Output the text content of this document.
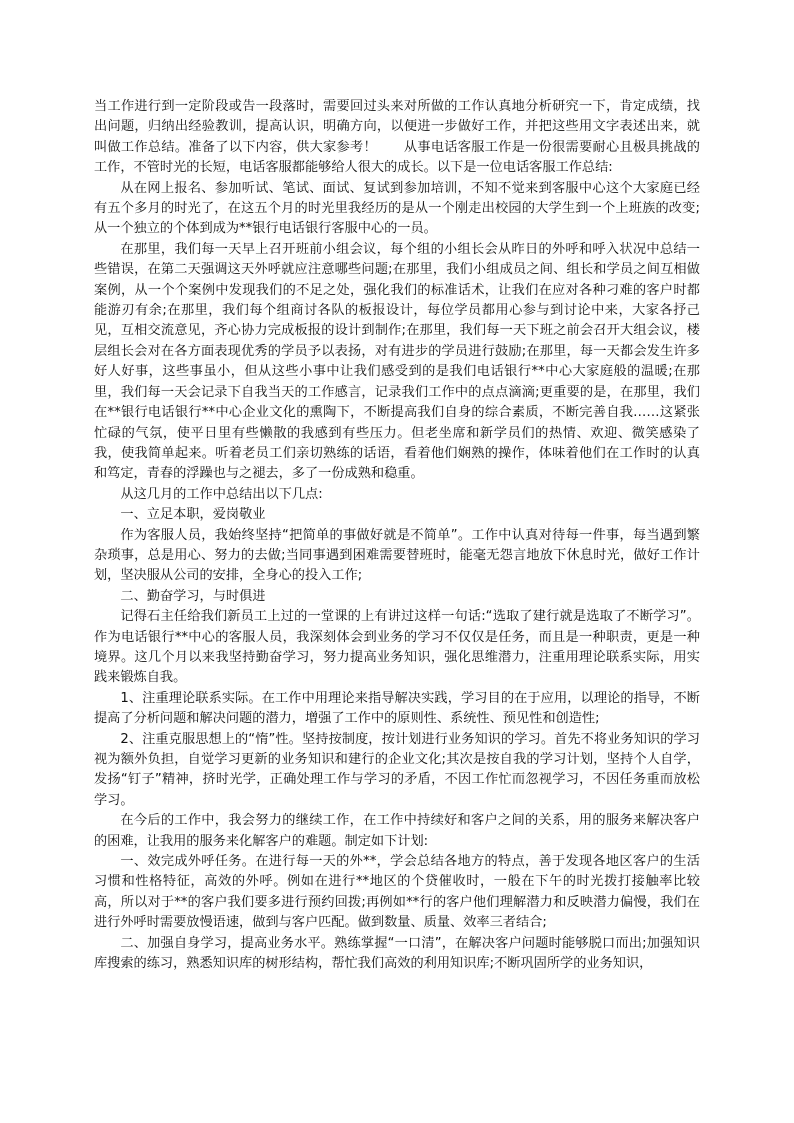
当工作进行到一定阶段或告一段落时，需要回过头来对所做的工作认真地分析研究一下，肯定成绩，找出问题，归纳出经验教训，提高认识，明确方向，以便进一步做好工作，并把这些用文字表述出来，就叫做工作总结。准备了以下内容，供大家参考！　　从事电话客服工作是一份很需要耐心且极具挑战的工作，不管时光的长短，电话客服都能够给人很大的成长。以下是一位电话客服工作总结:

从在网上报名、参加听试、笔试、面试、复试到参加培训，不知不觉来到客服中心这个大家庭已经有五个多月的时光了，在这五个月的时光里我经历的是从一个刚走出校园的大学生到一个上班族的改变;从一个独立的个体到成为**银行电话银行客服中心的一员。

在那里，我们每一天早上召开班前小组会议，每个组的小组长会从昨日的外呼和呼入状况中总结一些错误，在第二天强调这天外呼就应注意哪些问题;在那里，我们小组成员之间、组长和学员之间互相做案例，从一个个案例中发现我们的不足之处，强化我们的标准话术，让我们在应对各种刁难的客户时都能游刃有余;在那里，我们每个组商讨各队的板报设计，每位学员都用心参与到讨论中来，大家各抒己见，互相交流意见，齐心协力完成板报的设计到制作;在那里，我们每一天下班之前会召开大组会议，楼层组长会对在各方面表现优秀的学员予以表扬，对有进步的学员进行鼓励;在那里，每一天都会发生许多好人好事，这些事虽小，但从这些小事中让我们感受到的是我们电话银行**中心大家庭般的温暖;在那里，我们每一天会记录下自我当天的工作感言，记录我们工作中的点点滴滴;更重要的是，在那里，我们在**银行电话银行**中心企业文化的熏陶下，不断提高我们自身的综合素质，不断完善自我……这紧张忙碌的气氛，使平日里有些懒散的我感到有些压力。但老坐席和新学员们的热情、欢迎、微笑感染了我，使我简单起来。听着老员工们亲切熟练的话语，看着他们娴熟的操作，体味着他们在工作时的认真和笃定，青春的浮躁也与之褪去，多了一份成熟和稳重。

从这几月的工作中总结出以下几点:

一、立足本职，爱岗敬业

作为客服人员，我始终坚持“把简单的事做好就是不简单”。工作中认真对待每一件事，每当遇到繁杂琐事，总是用心、努力的去做;当同事遇到困难需要替班时，能毫无怨言地放下休息时光，做好工作计划，坚决服从公司的安排，全身心的投入工作;

二、勤奋学习，与时俱进

记得石主任给我们新员工上过的一堂课的上有讲过这样一句话:“选取了建行就是选取了不断学习”。作为电话银行**中心的客服人员，我深刻体会到业务的学习不仅仅是任务，而且是一种职责，更是一种境界。这几个月以来我坚持勤奋学习，努力提高业务知识，强化思维潜力，注重用理论联系实际，用实践来锻炼自我。

1、注重理论联系实际。在工作中用理论来指导解决实践，学习目的在于应用，以理论的指导，不断提高了分析问题和解决问题的潜力，增强了工作中的原则性、系统性、预见性和创造性;

2、注重克服思想上的“惰”性。坚持按制度，按计划进行业务知识的学习。首先不将业务知识的学习视为额外负担，自觉学习更新的业务知识和建行的企业文化;其次是按自我的学习计划，坚持个人自学，发扬“钉子”精神，挤时光学，正确处理工作与学习的矛盾，不因工作忙而忽视学习，不因任务重而放松学习。

在今后的工作中，我会努力的继续工作，在工作中持续好和客户之间的关系，用的服务来解决客户的困难，让我用的服务来化解客户的难题。制定如下计划:

一、效完成外呼任务。在进行每一天的外**，学会总结各地方的特点，善于发现各地区客户的生活习惯和性格特征，高效的外呼。例如在进行**地区的个贷催收时，一般在下午的时光拨打接触率比较高，所以对于**的客户我们要多进行预约回拨;再例如**行的客户他们理解潜力和反映潜力偏慢，我们在进行外呼时需要放慢语速，做到与客户匹配。做到数量、质量、效率三者结合;

二、加强自身学习，提高业务水平。熟练掌握“一口清”，在解决客户问题时能够脱口而出;加强知识库搜索的练习，熟悉知识库的树形结构，帮忙我们高效的利用知识库;不断巩固所学的业务知识，
